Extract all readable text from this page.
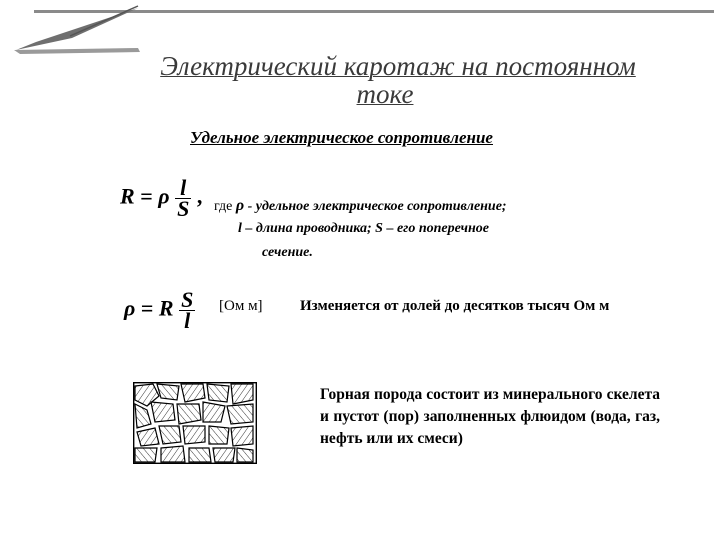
Электрический каротаж на постоянном
токе
Удельное электрическое сопротивление
R = ρ $\frac{l}{S}$ , где ρ - удельное электрическое сопротивление;
l – длина проводника; S – его поперечное
сечение.
ρ = R $\frac{S}{l} [Ом$ м] Изменяется от долей до десятков тысяч Ом м
Горная порода состоит из минерального скелета и пустот (пор) заполненных флюидом (вода, газ, нефть или их смеси)
